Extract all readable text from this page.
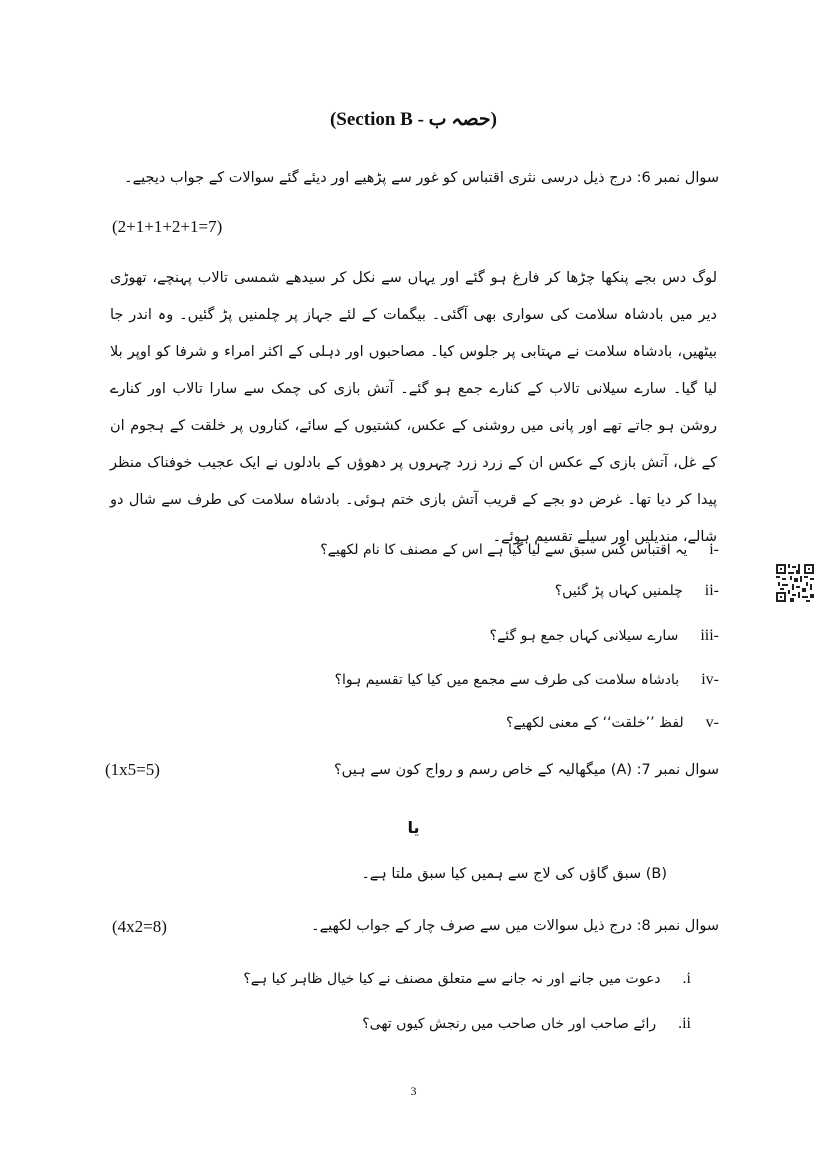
(Section B - حصہ ب)
سوال نمبر 6: درج ذیل درسی نثری اقتباس کو غور سے پڑھیے اور دیئے گئے سوالات کے جواب دیجیے۔
(2+1+1+2+1=7)
لوگ دس بجے پنکھا چڑھا کر فارغ ہو گئے اور یہاں سے نکل کر سیدھے شمسی تالاب پہنچے، تھوڑی دیر میں بادشاہ سلامت کی سواری بھی آگئی۔ بیگمات کے لئے جہاز پر چلمنیں پڑ گئیں۔ وہ اندر جا بیٹھیں، بادشاہ سلامت نے مہتابی پر جلوس کیا۔ مصاحبوں اور دہلی کے اکثر امراء و شرفا کو اوپر بلا لیا گیا۔ سارے سیلانی تالاب کے کنارے جمع ہو گئے۔ آتش بازی کی چمک سے سارا تالاب اور کنارے روشن ہو جاتے تھے اور پانی میں روشنی کے عکس، کشتیوں کے سائے، کناروں پر خلقت کے ہجوم ان کے غل، آتش بازی کے عکس ان کے زرد زرد چہروں پر دھوؤں کے بادلوں نے ایک عجیب خوفناک منظر پیدا کر دیا تھا۔ غرض دو بجے کے قریب آتش بازی ختم ہوئی۔ بادشاہ سلامت کی طرف سے شال دو شالے، مندیلیں اور سیلے تقسیم ہوئے۔
i-یہ اقتباس کس سبق سے لیا گیا ہے اس کے مصنف کا نام لکھیے؟
ii-چلمنیں کہاں پڑ گئیں؟
iii-سارے سیلانی کہاں جمع ہو گئے؟
iv-بادشاہ سلامت کی طرف سے مجمع میں کیا کیا تقسیم ہوا؟
v-لفظ ’’خلقت‘‘ کے معنی لکھیے؟
سوال نمبر 7: (A) میگھالیہ کے خاص رسم و رواج کون سے ہیں؟
(1x5=5)
یا
(B) سبق گاؤں کی لاج سے ہمیں کیا سبق ملتا ہے۔
سوال نمبر 8: درج ذیل سوالات میں سے صرف چار کے جواب لکھیے۔
(4x2=8)
.iدعوت میں جانے اور نہ جانے سے متعلق مصنف نے کیا خیال ظاہر کیا ہے؟
.iiرائے صاحب اور خاں صاحب میں رنجش کیوں تھی؟
3
